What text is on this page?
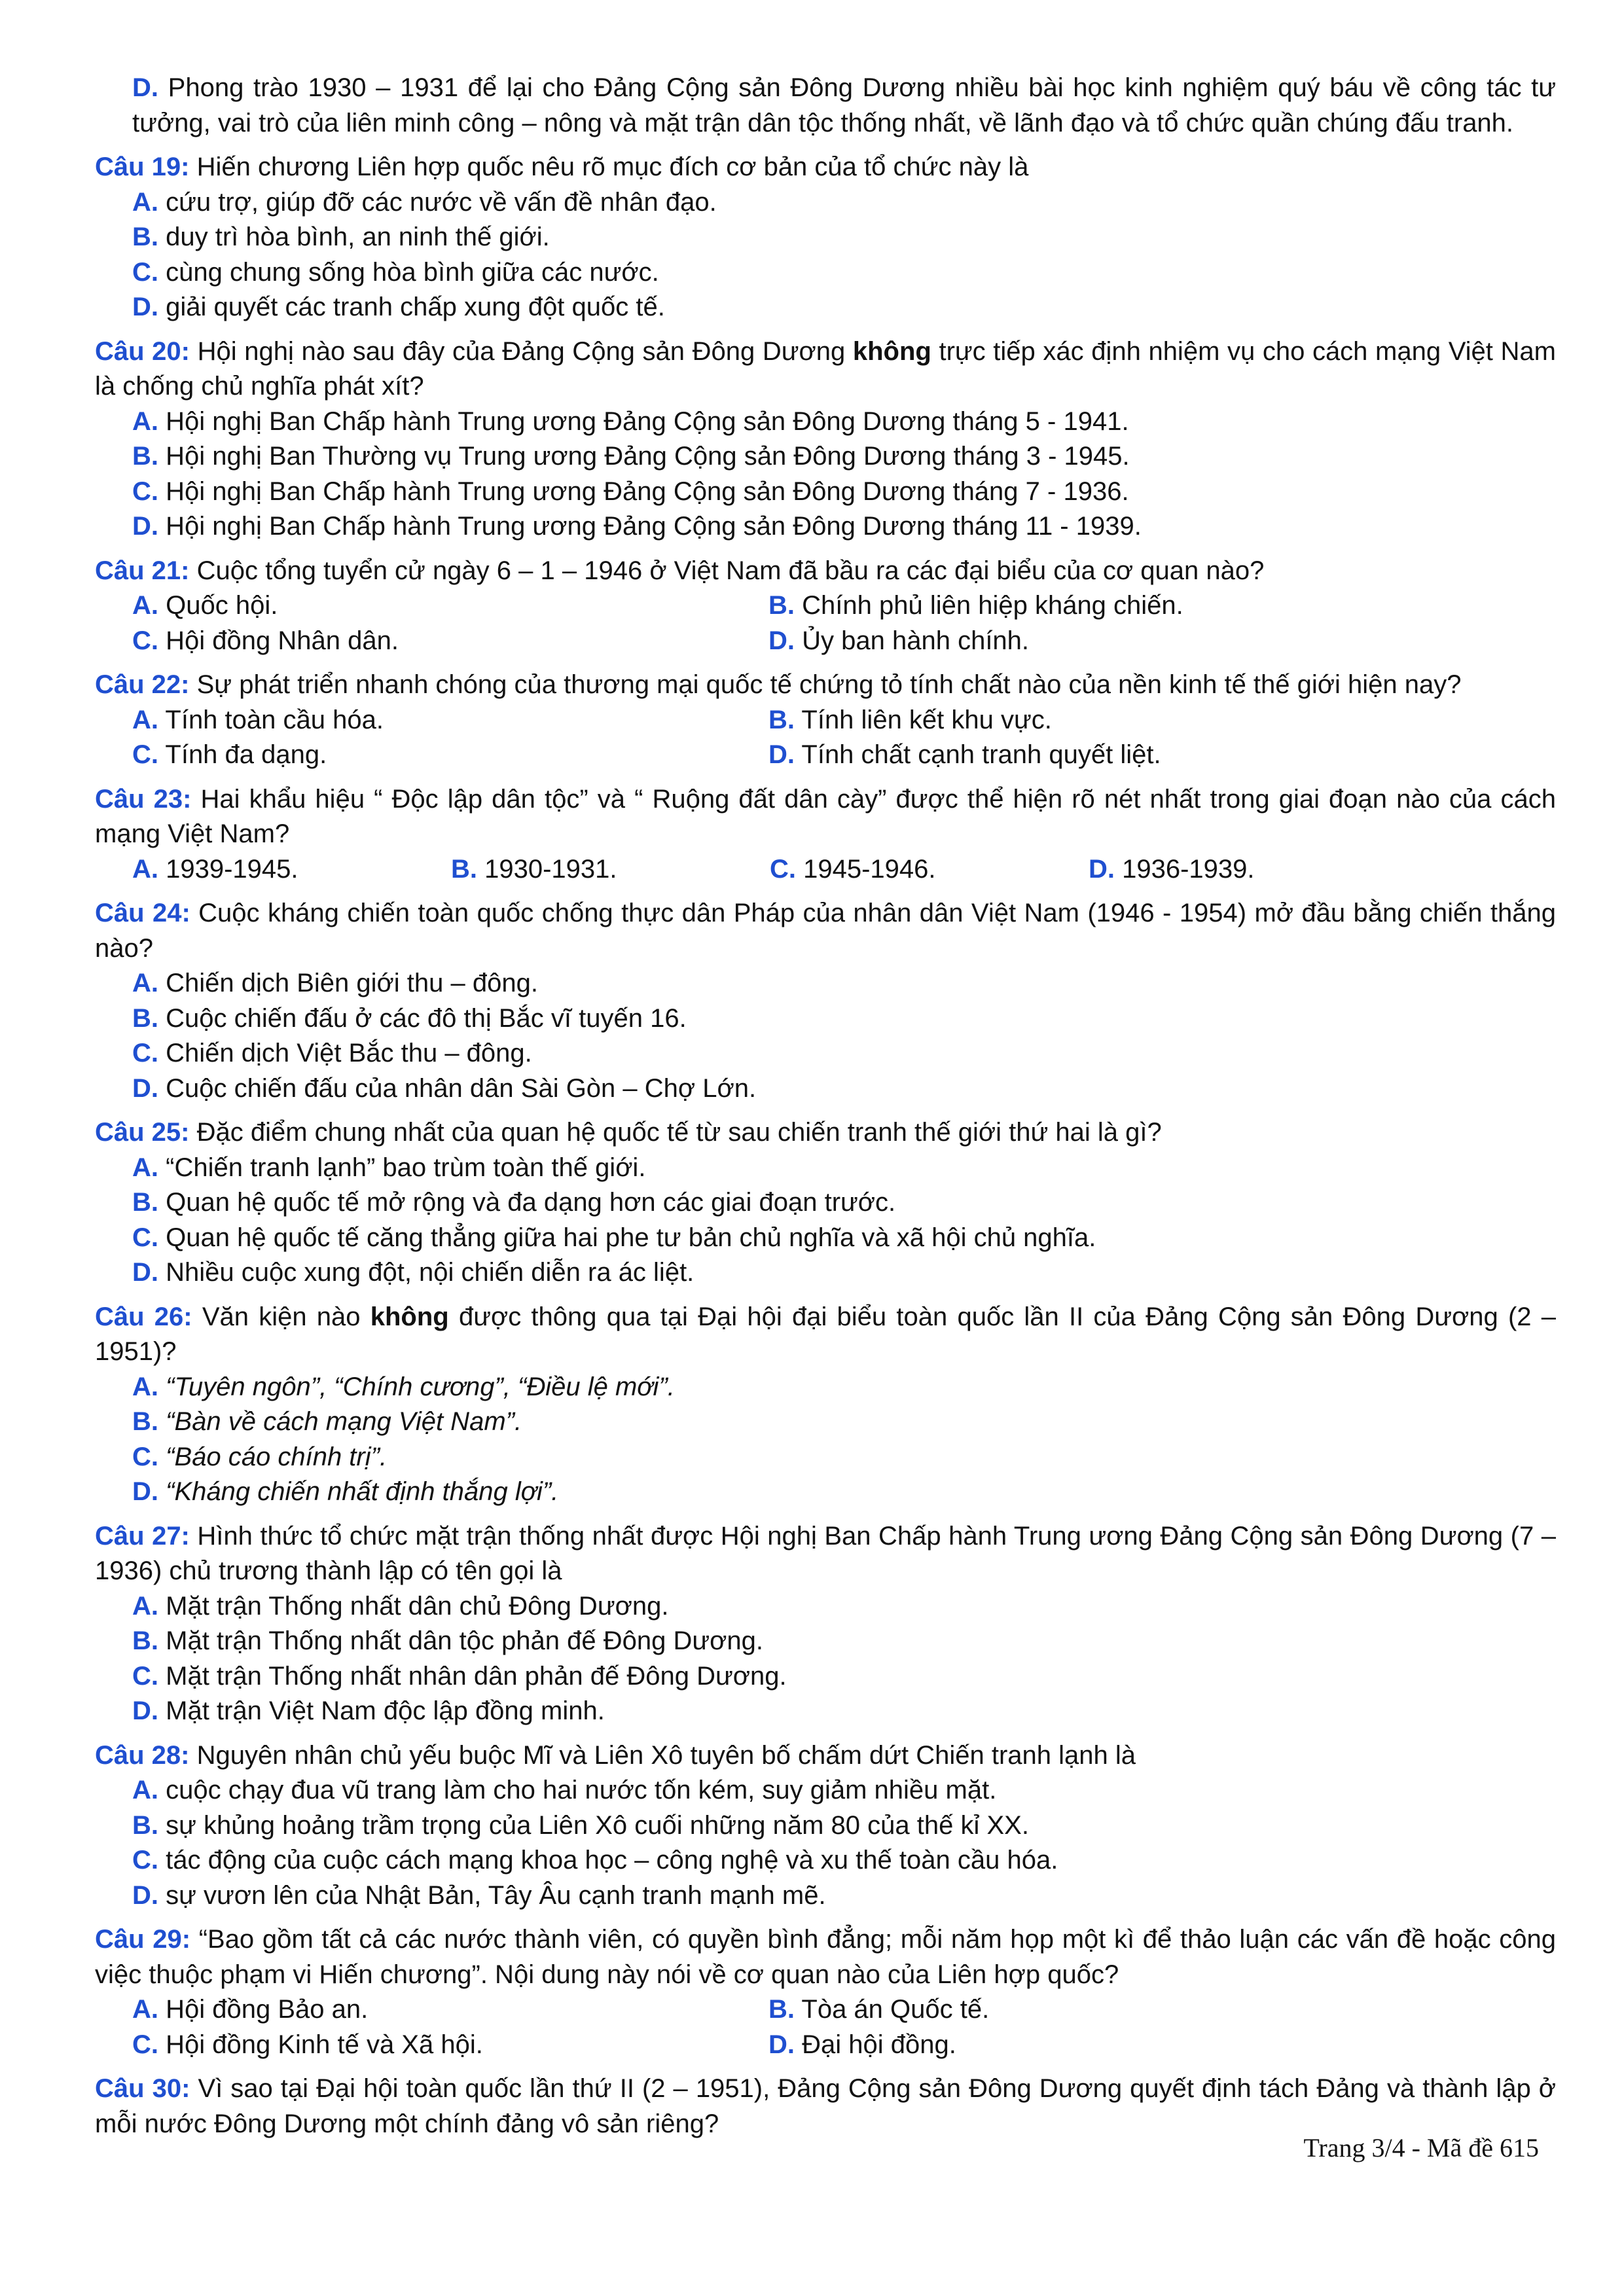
D. Phong trào 1930 – 1931 để lại cho Đảng Cộng sản Đông Dương nhiều bài học kinh nghiệm quý báu về công tác tư tưởng, vai trò của liên minh công – nông và mặt trận dân tộc thống nhất, về lãnh đạo và tổ chức quần chúng đấu tranh.
Câu 19: Hiến chương Liên hợp quốc nêu rõ mục đích cơ bản của tổ chức này là
A. cứu trợ, giúp đỡ các nước về vấn đề nhân đạo.
B. duy trì hòa bình, an ninh thế giới.
C. cùng chung sống hòa bình giữa các nước.
D. giải quyết các tranh chấp xung đột quốc tế.
Câu 20: Hội nghị nào sau đây của Đảng Cộng sản Đông Dương không trực tiếp xác định nhiệm vụ cho cách mạng Việt Nam là chống chủ nghĩa phát xít?
A. Hội nghị Ban Chấp hành Trung ương Đảng Cộng sản Đông Dương tháng 5 - 1941.
B. Hội nghị Ban Thường vụ Trung ương Đảng Cộng sản Đông Dương tháng 3 - 1945.
C. Hội nghị Ban Chấp hành Trung ương Đảng Cộng sản Đông Dương tháng 7 - 1936.
D. Hội nghị Ban Chấp hành Trung ương Đảng Cộng sản Đông Dương tháng 11 - 1939.
Câu 21: Cuộc tổng tuyển cử ngày 6 – 1 – 1946 ở Việt Nam đã bầu ra các đại biểu của cơ quan nào?
A. Quốc hội.	B. Chính phủ liên hiệp kháng chiến.
C. Hội đồng Nhân dân.	D. Ủy ban hành chính.
Câu 22: Sự phát triển nhanh chóng của thương mại quốc tế chứng tỏ tính chất nào của nền kinh tế thế giới hiện nay?
A. Tính toàn cầu hóa.	B. Tính liên kết khu vực.
C. Tính đa dạng.	D. Tính chất cạnh tranh quyết liệt.
Câu 23: Hai khẩu hiệu “ Độc lập dân tộc” và “ Ruộng đất dân cày” được thể hiện rõ nét nhất trong giai đoạn nào của cách mạng Việt Nam?
A. 1939-1945.	B. 1930-1931.	C. 1945-1946.	D. 1936-1939.
Câu 24: Cuộc kháng chiến toàn quốc chống thực dân Pháp của nhân dân Việt Nam (1946 - 1954) mở đầu bằng chiến thắng nào?
A. Chiến dịch Biên giới thu – đông.
B. Cuộc chiến đấu ở các đô thị Bắc vĩ tuyến 16.
C. Chiến dịch Việt Bắc thu – đông.
D. Cuộc chiến đấu của nhân dân Sài Gòn – Chợ Lớn.
Câu 25: Đặc điểm chung nhất của quan hệ quốc tế từ sau chiến tranh thế giới thứ hai là gì?
A. “Chiến tranh lạnh” bao trùm toàn thế giới.
B. Quan hệ quốc tế mở rộng và đa dạng hơn các giai đoạn trước.
C. Quan hệ quốc tế căng thẳng giữa hai phe tư bản chủ nghĩa và xã hội chủ nghĩa.
D. Nhiều cuộc xung đột, nội chiến diễn ra ác liệt.
Câu 26: Văn kiện nào không được thông qua tại Đại hội đại biểu toàn quốc lần II của Đảng Cộng sản Đông Dương (2 – 1951)?
A. “Tuyên ngôn”, “Chính cương”, “Điều lệ mới”.
B. “Bàn về cách mạng Việt Nam”.
C. “Báo cáo chính trị”.
D. “Kháng chiến nhất định thắng lợi”.
Câu 27: Hình thức tổ chức mặt trận thống nhất được Hội nghị Ban Chấp hành Trung ương Đảng Cộng sản Đông Dương (7 – 1936) chủ trương thành lập có tên gọi là
A. Mặt trận Thống nhất dân chủ Đông Dương.
B. Mặt trận Thống nhất dân tộc phản đế Đông Dương.
C. Mặt trận Thống nhất nhân dân phản đế Đông Dương.
D. Mặt trận Việt Nam độc lập đồng minh.
Câu 28: Nguyên nhân chủ yếu buộc Mĩ và Liên Xô tuyên bố chấm dứt Chiến tranh lạnh là
A. cuộc chạy đua vũ trang làm cho hai nước tốn kém, suy giảm nhiều mặt.
B. sự khủng hoảng trầm trọng của Liên Xô cuối những năm 80 của thế kỉ XX.
C. tác động của cuộc cách mạng khoa học – công nghệ và xu thế toàn cầu hóa.
D. sự vươn lên của Nhật Bản, Tây Âu cạnh tranh mạnh mẽ.
Câu 29: “Bao gồm tất cả các nước thành viên, có quyền bình đẳng; mỗi năm họp một kì để thảo luận các vấn đề hoặc công việc thuộc phạm vi Hiến chương”. Nội dung này nói về cơ quan nào của Liên hợp quốc?
A. Hội đồng Bảo an.	B. Tòa án Quốc tế.
C. Hội đồng Kinh tế và Xã hội.	D. Đại hội đồng.
Câu 30: Vì sao tại Đại hội toàn quốc lần thứ II (2 – 1951), Đảng Cộng sản Đông Dương quyết định tách Đảng và thành lập ở mỗi nước Đông Dương một chính đảng vô sản riêng?
Trang 3/4 - Mã đề 615
